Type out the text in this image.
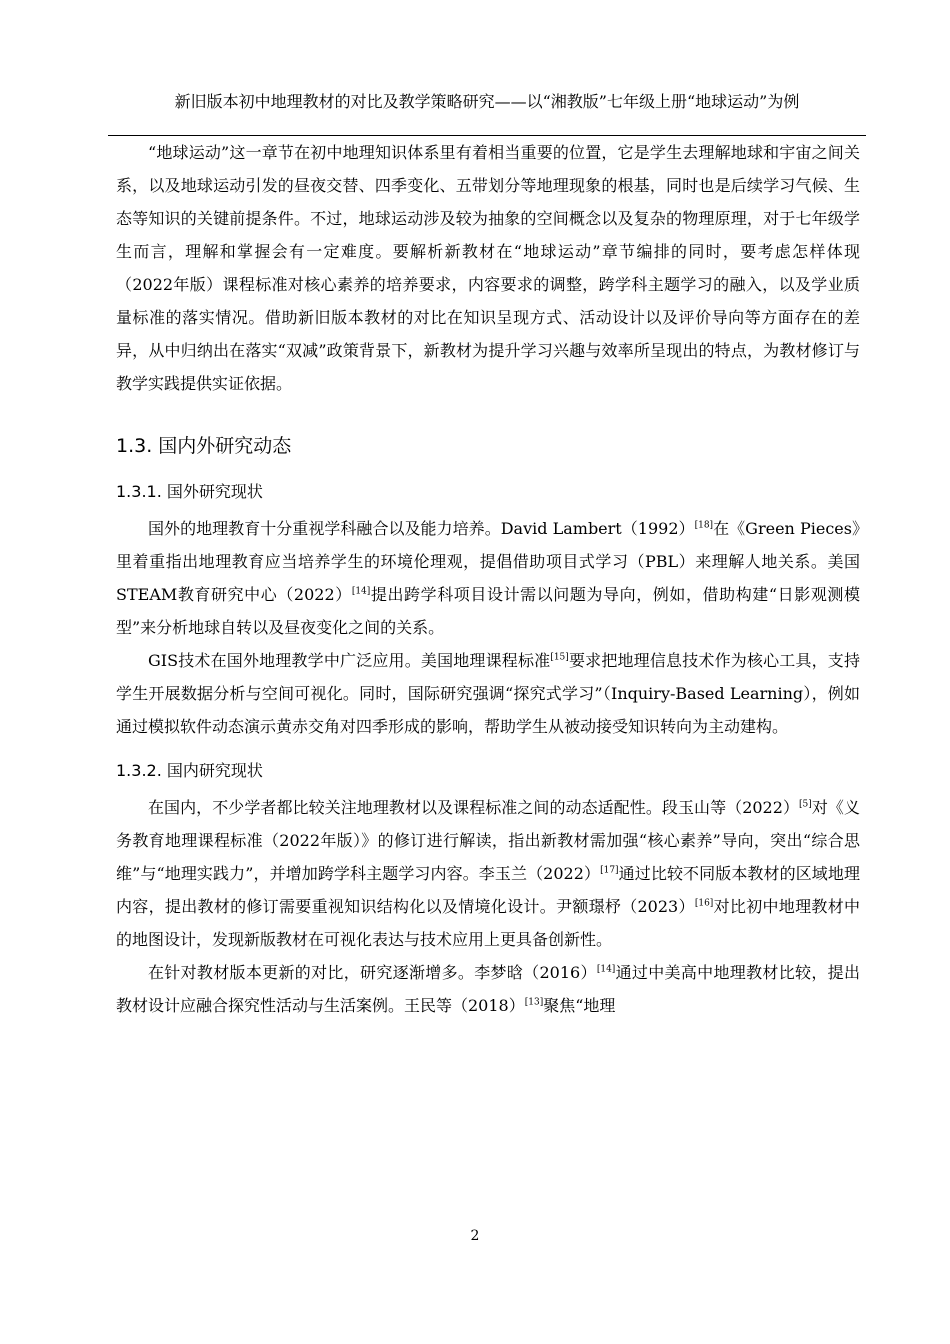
新旧版本初中地理教材的对比及教学策略研究——以“湘教版”七年级上册“地球运动”为例

“地球运动”这一章节在初中地理知识体系里有着相当重要的位置，它是学生去理解地球和宇宙之间关系，以及地球运动引发的昼夜交替、四季变化、五带划分等地理现象的根基，同时也是后续学习气候、生态等知识的关键前提条件。不过，地球运动涉及较为抽象的空间概念以及复杂的物理原理，对于七年级学生而言，理解和掌握会有一定难度。要解析新教材在“地球运动”章节编排的同时，要考虑怎样体现（2022年版）课程标准对核心素养的培养要求，内容要求的调整，跨学科主题学习的融入，以及学业质量标准的落实情况。借助新旧版本教材的对比在知识呈现方式、活动设计以及评价导向等方面存在的差异，从中归纳出在落实“双减”政策背景下，新教材为提升学习兴趣与效率所呈现出的特点，为教材修订与教学实践提供实证依据。

1.3. 国内外研究动态
1.3.1. 国外研究现状

国外的地理教育十分重视学科融合以及能力培养。David Lambert（1992）[18]在《Green Pieces》里着重指出地理教育应当培养学生的环境伦理观，提倡借助项目式学习（PBL）来理解人地关系。美国STEAM教育研究中心（2022）[14]提出跨学科项目设计需以问题为导向，例如，借助构建“日影观测模型”来分析地球自转以及昼夜变化之间的关系。

GIS技术在国外地理教学中广泛应用。美国地理课程标准[15]要求把地理信息技术作为核心工具，支持学生开展数据分析与空间可视化。同时，国际研究强调“探究式学习”（Inquiry-Based Learning），例如通过模拟软件动态演示黄赤交角对四季形成的影响，帮助学生从被动接受知识转向为主动建构。

1.3.2. 国内研究现状

在国内，不少学者都比较关注地理教材以及课程标准之间的动态适配性。段玉山等（2022）[5]对《义务教育地理课程标准（2022年版）》的修订进行解读，指出新教材需加强“核心素养”导向，突出“综合思维”与“地理实践力”，并增加跨学科主题学习内容。李玉兰（2022）[17]通过比较不同版本教材的区域地理内容，提出教材的修订需要重视知识结构化以及情境化设计。尹额璟杼（2023）[16]对比初中地理教材中的地图设计，发现新版教材在可视化表达与技术应用上更具备创新性。

在针对教材版本更新的对比，研究逐渐增多。李梦晗（2016）[14]通过中美高中地理教材比较，提出教材设计应融合探究性活动与生活案例。王民等（2018）[13]聚焦“地理

2
